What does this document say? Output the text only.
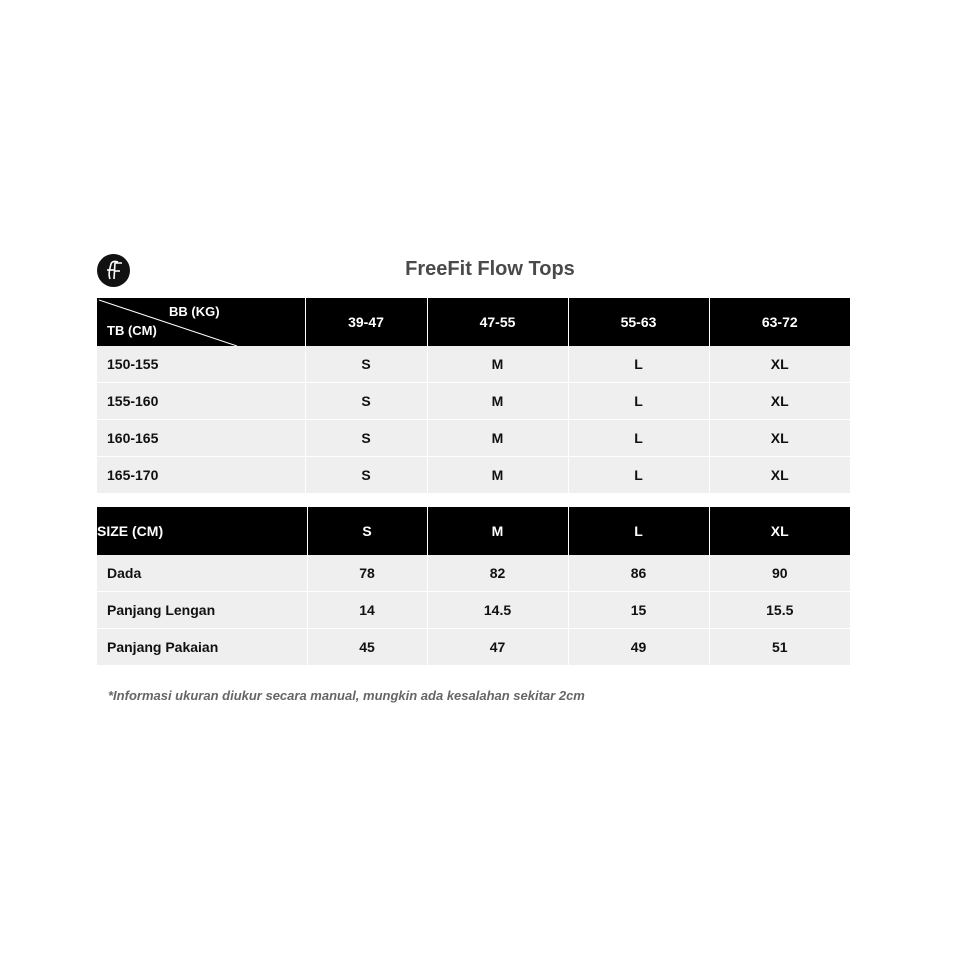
FreeFit Flow Tops
BB (KG)
TB (CM)	39-47	47-55	55-63	63-72
150-155	S	M	L	XL
155-160	S	M	L	XL
160-165	S	M	L	XL
165-170	S	M	L	XL
SIZE (CM)	S	M	L	XL
Dada	78	82	86	90
Panjang Lengan	14	14.5	15	15.5
Panjang Pakaian	45	47	49	51
*Informasi ukuran diukur secara manual, mungkin ada kesalahan sekitar 2cm
